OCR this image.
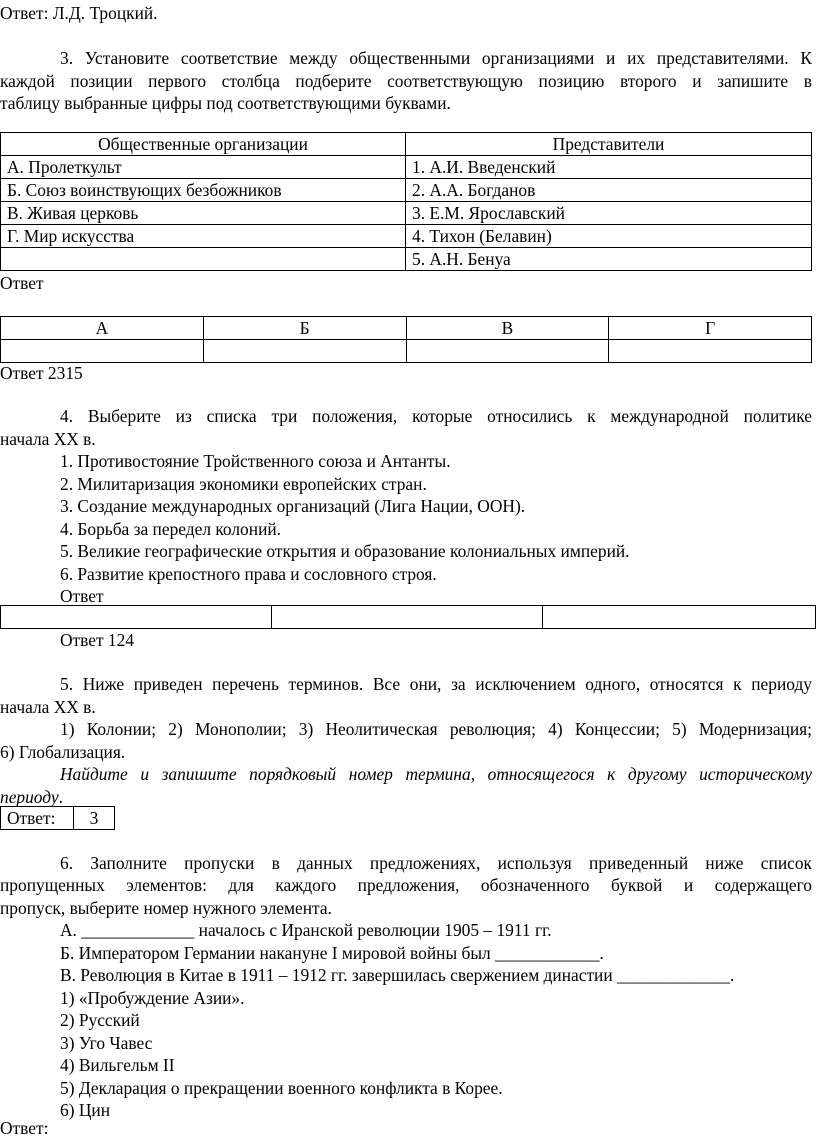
Ответ: Л.Д. Троцкий.
3. Установите соответствие между общественными организациями и их представителями. К
каждой позиции первого столбца подберите соответствующую позицию второго и запишите в
таблицу выбранные цифры под соответствующими буквами.
Общественные организации	Представители
А. Пролеткульт	1. А.И. Введенский
Б. Союз воинствующих безбожников	2. А.А. Богданов
В. Живая церковь	3. Е.М. Ярославский
Г. Мир искусства	4. Тихон (Белавин)
	5. А.Н. Бенуа
Ответ
А	Б	В	Г

Ответ 2315
4. Выберите из списка три положения, которые относились к международной политике
начала XX в.
1. Противостояние Тройственного союза и Антанты.
2. Милитаризация экономики европейских стран.
3. Создание международных организаций (Лига Нации, ООН).
4. Борьба за передел колоний.
5. Великие географические открытия и образование колониальных империй.
6. Развитие крепостного права и сословного строя.
Ответ

Ответ 124
5. Ниже приведен перечень терминов. Все они, за исключением одного, относятся к периоду
начала XX в.
1) Колонии; 2) Монополии; 3) Неолитическая революция; 4) Концессии; 5) Модернизация;
6) Глобализация.
Найдите и запишите порядковый номер термина, относящегося к другому историческому
периоду.
Ответ:	3
6. Заполните пропуски в данных предложениях, используя приведенный ниже список
пропущенных элементов: для каждого предложения, обозначенного буквой и содержащего
пропуск, выберите номер нужного элемента.
А. _____________ началось с Иранской революции 1905 – 1911 гг.
Б. Императором Германии накануне I мировой войны был ____________.
В. Революция в Китае в 1911 – 1912 гг. завершилась свержением династии _____________.
1) «Пробуждение Азии».
2) Русский
3) Уго Чавес
4) Вильгельм II
5) Декларация о прекращении военного конфликта в Корее.
6) Цин
Ответ:
